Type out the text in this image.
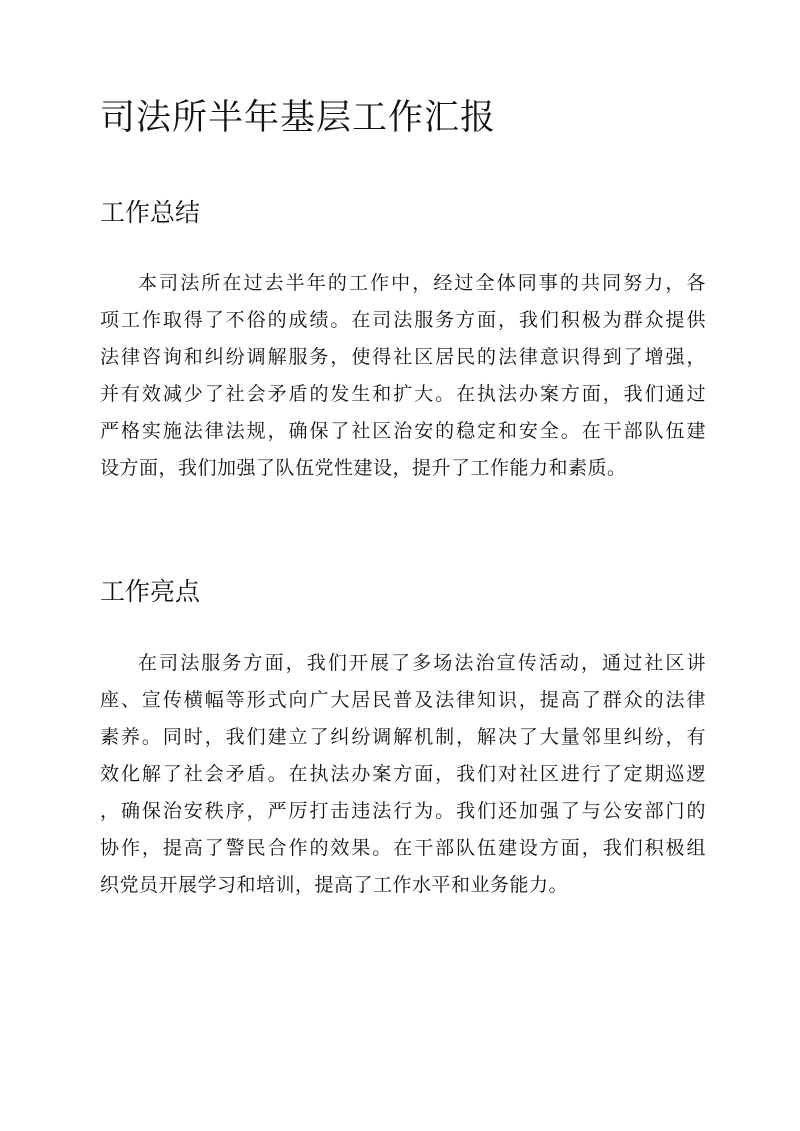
司法所半年基层工作汇报
工作总结
本司法所在过去半年的工作中，经过全体同事的共同努力，各
项工作取得了不俗的成绩。在司法服务方面，我们积极为群众提供
法律咨询和纠纷调解服务，使得社区居民的法律意识得到了增强，
并有效减少了社会矛盾的发生和扩大。在执法办案方面，我们通过
严格实施法律法规，确保了社区治安的稳定和安全。在干部队伍建
设方面，我们加强了队伍党性建设，提升了工作能力和素质。
工作亮点
在司法服务方面，我们开展了多场法治宣传活动，通过社区讲
座、宣传横幅等形式向广大居民普及法律知识，提高了群众的法律
素养。同时，我们建立了纠纷调解机制，解决了大量邻里纠纷，有
效化解了社会矛盾。在执法办案方面，我们对社区进行了定期巡逻
，确保治安秩序，严厉打击违法行为。我们还加强了与公安部门的
协作，提高了警民合作的效果。在干部队伍建设方面，我们积极组
织党员开展学习和培训，提高了工作水平和业务能力。
